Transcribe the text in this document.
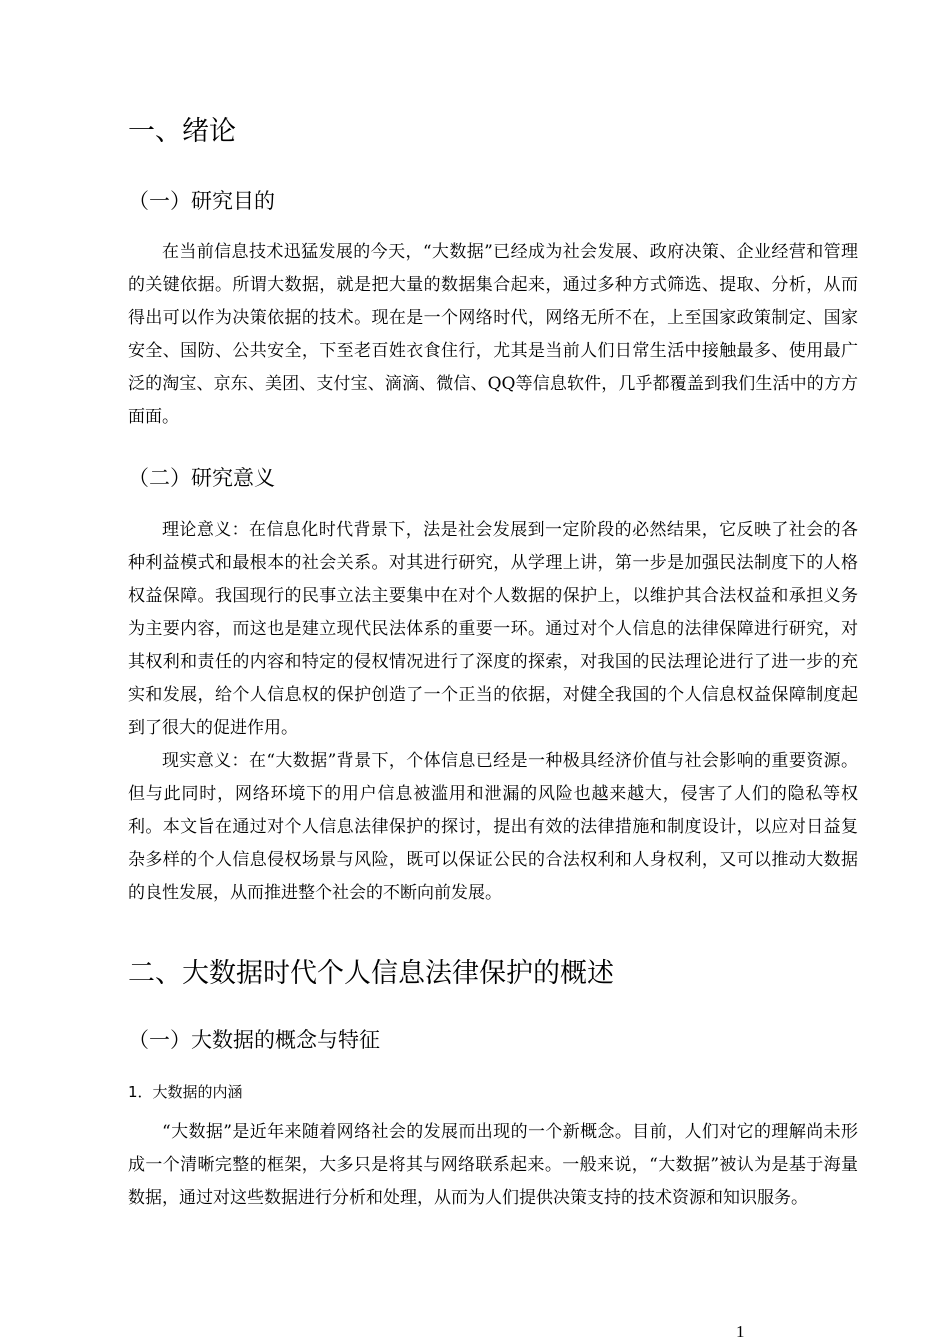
一、绪论
（一）研究目的

在当前信息技术迅猛发展的今天，“大数据”已经成为社会发展、政府决策、企业经营和管理的关键依据。所谓大数据，就是把大量的数据集合起来，通过多种方式筛选、提取、分析，从而得出可以作为决策依据的技术。现在是一个网络时代，网络无所不在，上至国家政策制定、国家安全、国防、公共安全，下至老百姓衣食住行，尤其是当前人们日常生活中接触最多、使用最广泛的淘宝、京东、美团、支付宝、滴滴、微信、QQ等信息软件，几乎都覆盖到我们生活中的方方面面。

（二）研究意义

理论意义：在信息化时代背景下，法是社会发展到一定阶段的必然结果，它反映了社会的各种利益模式和最根本的社会关系。对其进行研究，从学理上讲，第一步是加强民法制度下的人格权益保障。我国现行的民事立法主要集中在对个人数据的保护上，以维护其合法权益和承担义务为主要内容，而这也是建立现代民法体系的重要一环。通过对个人信息的法律保障进行研究，对其权利和责任的内容和特定的侵权情况进行了深度的探索，对我国的民法理论进行了进一步的充实和发展，给个人信息权的保护创造了一个正当的依据，对健全我国的个人信息权益保障制度起到了很大的促进作用。

现实意义：在“大数据”背景下，个体信息已经是一种极具经济价值与社会影响的重要资源。但与此同时，网络环境下的用户信息被滥用和泄漏的风险也越来越大，侵害了人们的隐私等权利。本文旨在通过对个人信息法律保护的探讨，提出有效的法律措施和制度设计，以应对日益复杂多样的个人信息侵权场景与风险，既可以保证公民的合法权利和人身权利，又可以推动大数据的良性发展，从而推进整个社会的不断向前发展。

二、大数据时代个人信息法律保护的概述
（一）大数据的概念与特征
1．大数据的内涵

“大数据”是近年来随着网络社会的发展而出现的一个新概念。目前，人们对它的理解尚未形成一个清晰完整的框架，大多只是将其与网络联系起来。一般来说，“大数据”被认为是基于海量数据，通过对这些数据进行分析和处理，从而为人们提供决策支持的技术资源和知识服务。

1
